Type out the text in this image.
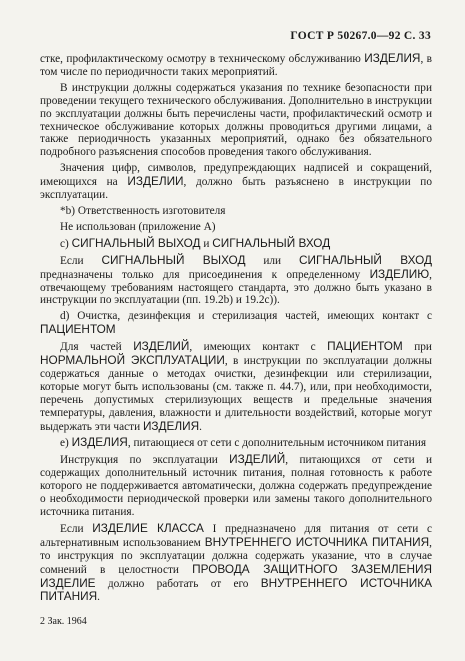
ГОСТ Р 50267.0—92 С. 33

стке, профилактическому осмотру в техническому обслуживанию ИЗДЕЛИЯ, в том числе по периодичности таких мероприятий.

В инструкции должны содержаться указания по технике безопасности при проведении текущего технического обслуживания. Дополнительно в инструкции по эксплуатации должны быть перечислены части, профилактический осмотр и техническое обслуживание которых должны проводиться другими лицами, а также периодичность указанных мероприятий, однако без обязательного подробного разъяснения способов проведения такого обслуживания.

Значения цифр, символов, предупреждающих надписей и сокращений, имеющихся на ИЗДЕЛИИ, должно быть разъяснено в инструкции по эксплуатации.

*b) Ответственность изготовителя

Не использован (приложение А)

с) СИГНАЛЬНЫЙ ВЫХОД и СИГНАЛЬНЫЙ ВХОД

Если СИГНАЛЬНЫЙ ВЫХОД или СИГНАЛЬНЫЙ ВХОД предназначены только для присоединения к определенному ИЗДЕЛИЮ, отвечающему требованиям настоящего стандарта, это должно быть указано в инструкции по эксплуатации (пп. 19.2b) и 19.2c)).

d) Очистка, дезинфекция и стерилизация частей, имеющих контакт с ПАЦИЕНТОМ

Для частей ИЗДЕЛИЙ, имеющих контакт с ПАЦИЕНТОМ при НОРМАЛЬНОЙ ЭКСПЛУАТАЦИИ, в инструкции по эксплуатации должны содержаться данные о методах очистки, дезинфекции или стерилизации, которые могут быть использованы (см. также п. 44.7), или, при необходимости, перечень допустимых стерилизующих веществ и предельные значения температуры, давления, влажности и длительности воздействий, которые могут выдержать эти части ИЗДЕЛИЯ.

е) ИЗДЕЛИЯ, питающиеся от сети с дополнительным источником питания

Инструкция по эксплуатации ИЗДЕЛИЙ, питающихся от сети и содержащих дополнительный источник питания, полная готовность к работе которого не поддерживается автоматически, должна содержать предупреждение о необходимости периодической проверки или замены такого дополнительного источника питания.

Если ИЗДЕЛИЕ КЛАССА I предназначено для питания от сети с альтернативным использованием ВНУТРЕННЕГО ИСТОЧНИКА ПИТАНИЯ, то инструкция по эксплуатации должна содержать указание, что в случае сомнений в целостности ПРОВОДА ЗАЩИТНОГО ЗАЗЕМЛЕНИЯ ИЗДЕЛИЕ должно работать от его ВНУТРЕННЕГО ИСТОЧНИКА ПИТАНИЯ.

2 Зак. 1964
